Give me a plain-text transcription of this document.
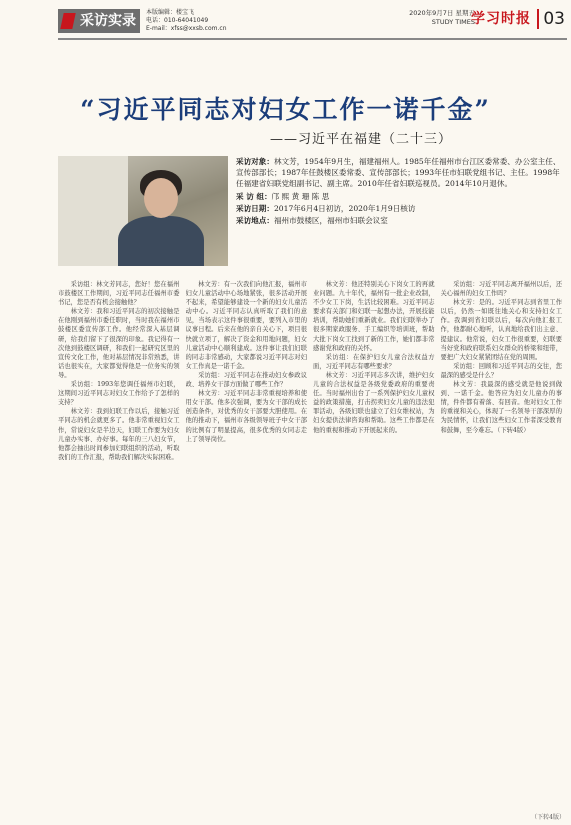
采访实录
本版编辑：楼宝飞
电话：010-64041049
E-mail：xfss@xxsb.com.cn
2020年9月7日 星期五
STUDY TIMES
学习时报 03
“习近平同志对妇女工作一诺千金”
——习近平在福建（二十三）

采访对象：林文芳，1954年9月生，福建福州人。1985年任福州市台江区委常委、办公室主任、宣传部部长；1987年任鼓楼区委常委、宣传部部长；1993年任市妇联党组书记、主任。1998年任福建省妇联党组副书记、副主席。2010年任省妇联巡视员。2014年10月退休。

采 访 组：邝 熙 黄 珊 陈 思

采访日期：2017年6月4日初访，2020年1月9日核访

采访地点：福州市鼓楼区，福州市妇联会议室

采访组：林文芳同志，您好！您在福州市鼓楼区工作期间，习近平同志任福州市委书记，您是否有机会接触他？
林文芳：我和习近平同志的初次接触是在他刚到福州市委任职时，当时我在福州市鼓楼区委宣传部工作。他经常深入基层调研，给我们留下了很深的印象。我记得有一次他到鼓楼区调研，和我们一起研究区里的宣传文化工作，他对基层情况非常熟悉，讲话也很实在，大家都觉得他是一位务实的领导。
采访组：1993年您调任福州市妇联，这期间习近平同志对妇女工作给予了怎样的支持？
林文芳：我到妇联工作以后，接触习近平同志的机会就更多了。他非常重视妇女工作，常说妇女是半边天，妇联工作要为妇女儿童办实事、办好事。每年的三八妇女节，他都会抽出时间参加妇联组织的活动，听取我们的工作汇报，帮助我们解决实际困难。
林文芳：有一次我们向他汇报，福州市妇女儿童活动中心场地紧张，很多活动开展不起来，希望能够建设一个新的妇女儿童活动中心。习近平同志认真听取了我们的意见，当场表示这件事很重要，要列入市里的议事日程。后来在他的亲自关心下，项目很快就立项了，解决了资金和用地问题，妇女儿童活动中心顺利建成。这件事让我们妇联的同志非常感动，大家都说习近平同志对妇女工作真是一诺千金。
采访组：习近平同志在推动妇女参政议政、培养女干部方面做了哪些工作？
林文芳：习近平同志非常重视培养和使用女干部。他多次强调，要为女干部的成长创造条件，对优秀的女干部要大胆使用。在他的推动下，福州市各级领导班子中女干部的比例有了明显提高，很多优秀的女同志走上了领导岗位。
林文芳：他还特别关心下岗女工的再就业问题。九十年代，福州有一批企业改制，不少女工下岗，生活比较困难。习近平同志要求有关部门和妇联一起想办法，开展技能培训，帮助她们重新就业。我们妇联举办了很多期家政服务、手工编织等培训班，帮助大批下岗女工找到了新的工作，她们都非常感谢党和政府的关怀。
采访组：在保护妇女儿童合法权益方面，习近平同志有哪些要求？
林文芳：习近平同志多次讲，维护妇女儿童的合法权益是各级党委政府的重要责任。当时福州出台了一系列保护妇女儿童权益的政策措施，打击拐卖妇女儿童的违法犯罪活动，各级妇联也建立了妇女维权站，为妇女提供法律咨询和帮助。这些工作都是在他的重视和推动下开展起来的。
采访组：习近平同志离开福州以后，还关心福州的妇女工作吗？
林文芳：是的。习近平同志到省里工作以后，仍然一如既往地关心和支持妇女工作。我调到省妇联以后，每次向他汇报工作，他都耐心地听，认真地给我们出主意、提建议。他常说，妇女工作很重要，妇联要当好党和政府联系妇女群众的桥梁和纽带，要把广大妇女紧紧团结在党的周围。
采访组：回顾和习近平同志的交往，您最深的感受是什么？
林文芳：我最深的感受就是他说到做到、一诺千金。他答应为妇女儿童办的事情，件件都有着落、有回音。他对妇女工作的重视和关心，体现了一名领导干部深厚的为民情怀，让我们这些妇女工作者深受教育和鼓舞，至今难忘。（下转4版）
（下转4版）
